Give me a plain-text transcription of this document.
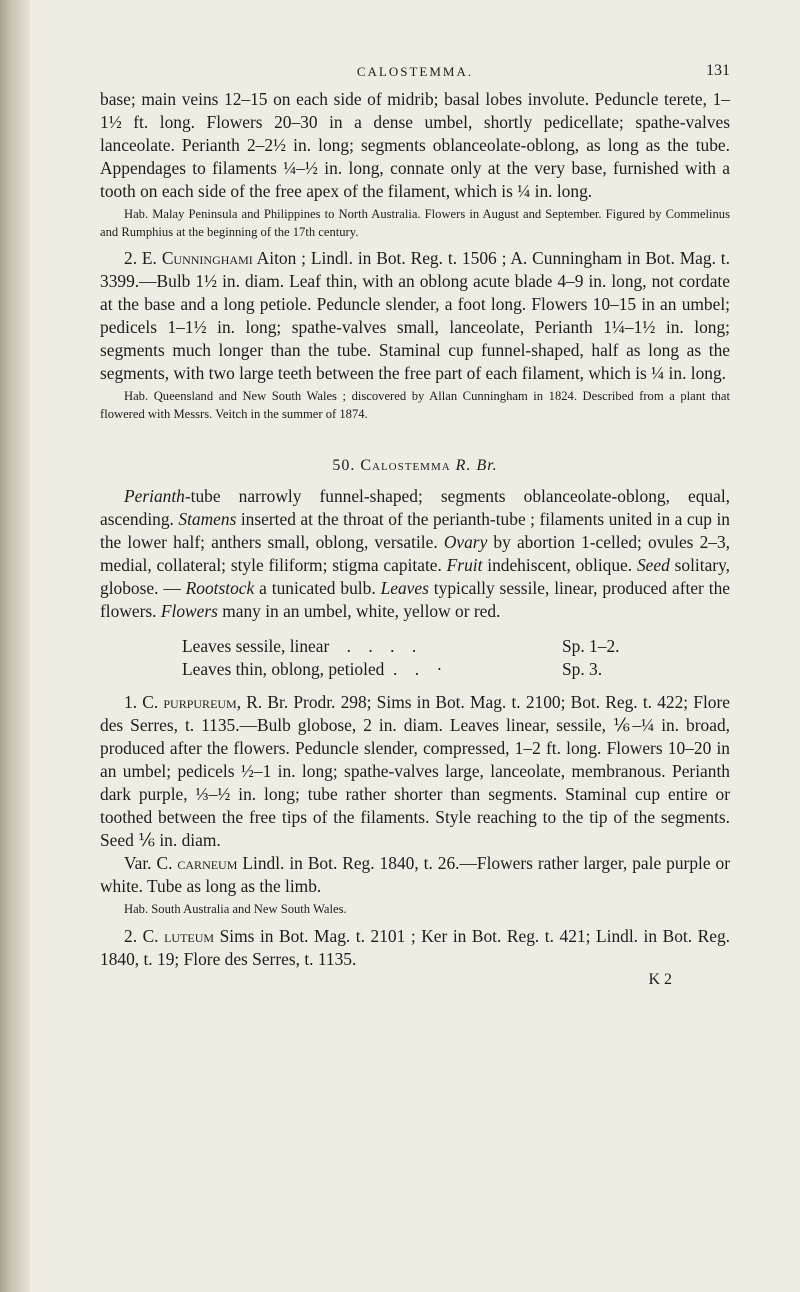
CALOSTEMMA.	131

base; main veins 12–15 on each side of midrib; basal lobes involute. Peduncle terete, 1–1½ ft. long. Flowers 20–30 in a dense umbel, shortly pedicellate; spathe-valves lanceolate. Perianth 2–2½ in. long; segments oblanceolate-oblong, as long as the tube. Appendages to filaments ¼–½ in. long, connate only at the very base, furnished with a tooth on each side of the free apex of the filament, which is ¼ in. long.

Hab. Malay Peninsula and Philippines to North Australia. Flowers in August and September. Figured by Commelinus and Rumphius at the beginning of the 17th century.

2. E. Cunninghami Aiton ; Lindl. in Bot. Reg. t. 1506 ; A. Cunningham in Bot. Mag. t. 3399.—Bulb 1½ in. diam. Leaf thin, with an oblong acute blade 4–9 in. long, not cordate at the base and a long petiole. Peduncle slender, a foot long. Flowers 10–15 in an umbel; pedicels 1–1½ in. long; spathe-valves small, lanceolate, Perianth 1¼–1½ in. long; segments much longer than the tube. Staminal cup funnel-shaped, half as long as the segments, with two large teeth between the free part of each filament, which is ¼ in. long.

Hab. Queensland and New South Wales ; discovered by Allan Cunningham in 1824. Described from a plant that flowered with Messrs. Veitch in the summer of 1874.

50. Calostemma R. Br.

Perianth-tube narrowly funnel-shaped; segments oblanceolate-oblong, equal, ascending. Stamens inserted at the throat of the perianth-tube ; filaments united in a cup in the lower half; anthers small, oblong, versatile. Ovary by abortion 1-celled; ovules 2–3, medial, collateral; style filiform; stigma capitate. Fruit indehiscent, oblique. Seed solitary, globose. — Rootstock a tunicated bulb. Leaves typically sessile, linear, produced after the flowers. Flowers many in an umbel, white, yellow or red.

Leaves sessile, linear    .    .    .    .	Sp. 1–2.
Leaves thin, oblong, petioled  .    .    ·	Sp. 3.

1. C. purpureum, R. Br. Prodr. 298; Sims in Bot. Mag. t. 2100; Bot. Reg. t. 422; Flore des Serres, t. 1135.—Bulb globose, 2 in. diam. Leaves linear, sessile, ⅙–¼ in. broad, produced after the flowers. Peduncle slender, compressed, 1–2 ft. long. Flowers 10–20 in an umbel; pedicels ½–1 in. long; spathe-valves large, lanceolate, membranous. Perianth dark purple, ⅓–½ in. long; tube rather shorter than segments. Staminal cup entire or toothed between the free tips of the filaments. Style reaching to the tip of the segments. Seed ⅙ in. diam.

Var. C. carneum Lindl. in Bot. Reg. 1840, t. 26.—Flowers rather larger, pale purple or white. Tube as long as the limb.

Hab. South Australia and New South Wales.

2. C. luteum Sims in Bot. Mag. t. 2101 ; Ker in Bot. Reg. t. 421; Lindl. in Bot. Reg. 1840, t. 19; Flore des Serres, t. 1135.

K 2
